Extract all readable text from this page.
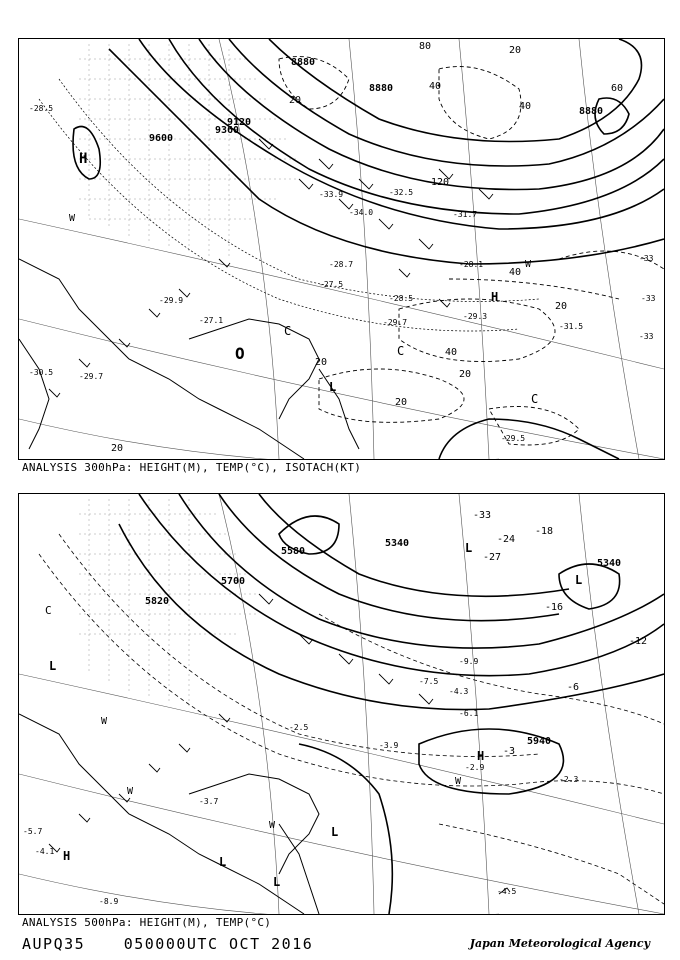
8880
8880
8880
9600
9360
9120
20
40	60
80
120
20
40
40
20
20
40
20
20
20
-28.5
-29.3
-31.5
-29.7
-28.5
-28.1
-29.5
-27.5
-28.7
-27.1
-29.9
-30.5	-29.7
-34.0
-32.5
-33.9
-31.7
-33
-33
-33
H
H
C
C
C
L
W
W
O
ANALYSIS 300hPa: HEIGHT(M), TEMP(°C), ISOTACH(KT)
5820
5340
5340
5580
5940
5700
-33
-24
-27
-18
-16
-12
-3
-6
-4.5
-2.9
-2.3
-3.9
-5.7
-4.1
-3.7
-8.9
-6.1
-4.3
-9.9
-7.5
-2.5
L
L
L
L
L
L
H
H
C
W
W
W
W
ANALYSIS 500hPa: HEIGHT(M), TEMP(°C)
AUPQ35	050000UTC OCT 2016	Japan Meteorological Agency
